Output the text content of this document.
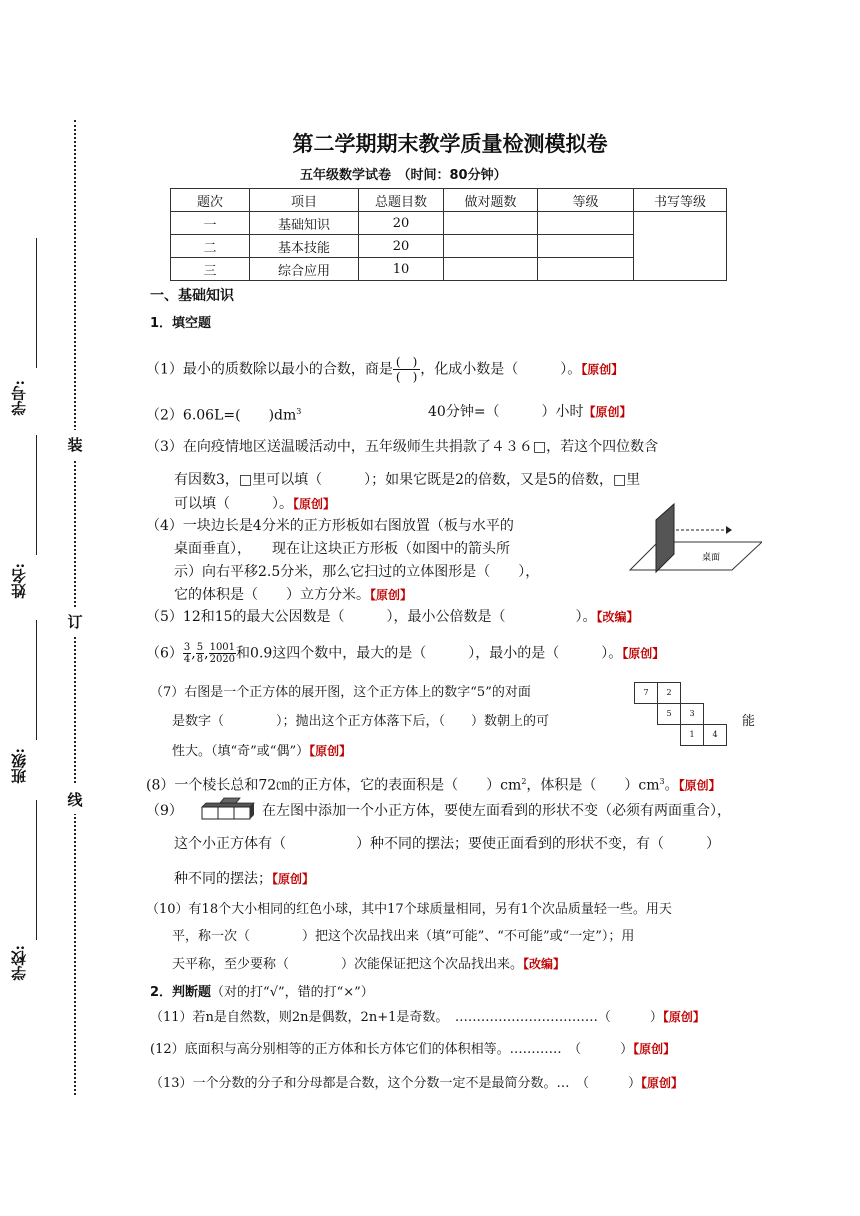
装
订
线
学号:
姓名:
班级:
学校:
第二学期期末教学质量检测模拟卷
五年级数学试卷　（时间：80分钟）
题次	项目	总题目数	做对题数	等级	书写等级
一	基础知识	20			
二	基本技能	20			
三	综合应用	10			
一、基础知识
1．填空题
（1）最小的质数除以最小的合数，商是 $\frac{( )}{( )}$ ，化成小数是（　　　）。【原创】
（2）6.06L=(　　)$dm^3$	40分钟=（　　　）小时【原创】
（3）在向疫情地区送温暖活动中，五年级师生共捐款了４３６□，若这个四位数含
有因数3，□里可以填（　　　）；如果它既是2的倍数，又是5的倍数，□里
可以填（　　　）。【原创】
（4）一块边长是4分米的正方形板如右图放置（板与水平的
桌面垂直），　　现在让这块正方形板（如图中的箭头所
示）向右平移2.5分米，那么它扫过的立体图形是（　　），
它的体积是（　　）立方分米。【原创】
桌面
（5）12和15的最大公因数是（　　　），最小公倍数是（　　　　　）。【改编】
$(6) \frac{3}{4}$ , $\frac{5}{8}$ , $\frac{1001}{2020}$ 和0.9这四个数中，最大的是（　　　），最小的是（　　　）。【原创】
（7）右图是一个正方体的展开图，这个正方体上的数字“5”的对面
是数字（　　　　）；抛出这个正方体落下后，（　　）数朝上的可	能
性大。（填“奇”或“偶”）【原创】
7	2
5	3
1	4
(8）一个棱长总和72㎝的正方体，它的表面积是（　　）$cm^2$，体积是（　　）$cm^3$。【原创】
（9）	在左图中添加一个小正方体，要使左面看到的形状不变（必须有两面重合），
这个小正方体有（　　　　　）种不同的摆法；要使正面看到的形状不变，有（　　　）
种不同的摆法；【原创】
（10）有18个大小相同的红色小球，其中17个球质量相同，另有1个次品质量轻一些。用天
平，称一次（　　　　）把这个次品找出来（填“可能”、“不可能”或“一定”）；用
天平称，至少要称（　　　　）次能保证把这个次品找出来。【改编】
2．判断题（对的打“√”，错的打“×”）
（11）若n是自然数，则2n是偶数，2n+1是奇数。　……………………………（　　　）【原创】
(12）底面积与高分别相等的正方体和长方体它们的体积相等。…………　（　　　）【原创】
（13）一个分数的分子和分母都是合数，这个分数一定不是最简分数。…　（　　　）【原创】
